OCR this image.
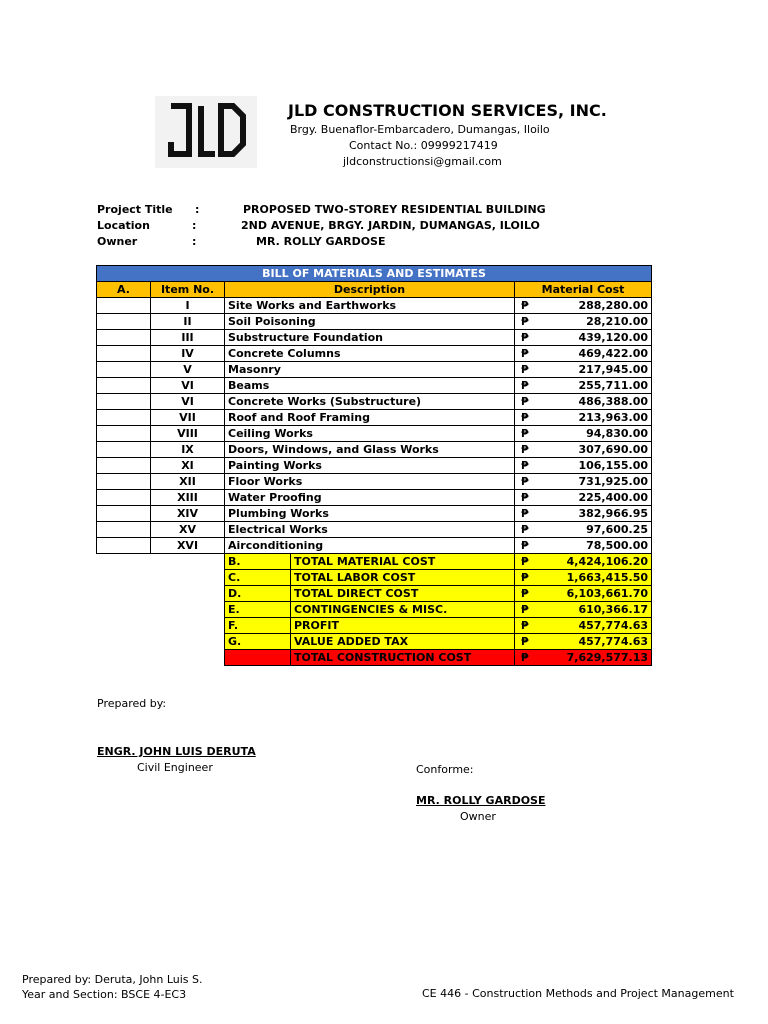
JLD CONSTRUCTION SERVICES, INC.
Brgy. Buenaflor-Embarcadero, Dumangas, Iloilo
Contact No.: 09999217419
jldconstructionsi@gmail.com
Project Title :	PROPOSED TWO-STOREY RESIDENTIAL BUILDING
Location	:	2ND AVENUE, BRGY. JARDIN, DUMANGAS, ILOILO
Owner	:	MR. ROLLY GARDOSE
BILL OF MATERIALS AND ESTIMATES					
A.	Item No.	Description		Material Cost	
	I	Site Works and Earthworks		₱	288,280.00
	II	Soil Poisoning		₱	28,210.00
	III	Substructure Foundation		₱	439,120.00
	IV	Concrete Columns		₱	469,422.00
	V	Masonry		₱	217,945.00
	VI	Beams		₱	255,711.00
	VI	Concrete Works (Substructure)		₱	486,388.00
	VII	Roof and Roof Framing		₱	213,963.00
	VIII	Ceiling Works		₱	94,830.00
	IX	Doors, Windows, and Glass Works		₱	307,690.00
	XI	Painting Works		₱	106,155.00
	XII	Floor Works		₱	731,925.00
	XIII	Water Proofing		₱	225,400.00
	XIV	Plumbing Works		₱	382,966.95
	XV	Electrical Works		₱	97,600.25
	XVI	Airconditioning		₱	78,500.00
		B.	TOTAL MATERIAL COST	₱	4,424,106.20
		C.	TOTAL LABOR COST	₱	1,663,415.50
		D.	TOTAL DIRECT COST	₱	6,103,661.70
		E.	CONTINGENCIES & MISC.	₱	610,366.17
		F.	PROFIT	₱	457,774.63
		G.	VALUE ADDED TAX	₱	457,774.63
			TOTAL CONSTRUCTION COST	₱	7,629,577.13
Prepared by:
ENGR. JOHN LUIS DERUTA
Civil Engineer	Conforme:
MR. ROLLY GARDOSE
Owner
Prepared by: Deruta, John Luis S.
Year and Section: BSCE 4-EC3	CE 446 - Construction Methods and Project Management
